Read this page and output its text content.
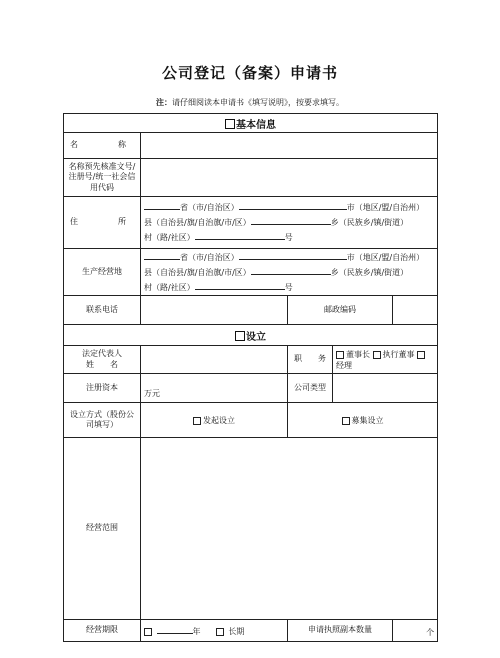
公司登记（备案）申请书
注：请仔细阅读本申请书《填写说明》，按要求填写。
基本信息				
名　　称				
名称预先核准文号/注册号/统一社会信用代码				
住　　所	省（市/自治区） 市（地区/盟/自治州）
县（自治县/旗/自治旗/市/区） 乡（民族乡/镇/街道）
村（路/社区） 号			
生产经营地	省（市/自治区） 市（地区/盟/自治州）
县（自治县/旗/自治旗/市/区） 乡（民族乡/镇/街道）
村（路/社区） 号			
联系电话		邮政编码		
设立				
法定代表人
姓　　名		职　　务	董事长 执行董事 经理	
注册资本	万元	公司类型		
设立方式（股份公司填写）	发起设立	募集设立		
经营范围				
经营期限	年 长期	申请执照副本数量		个
